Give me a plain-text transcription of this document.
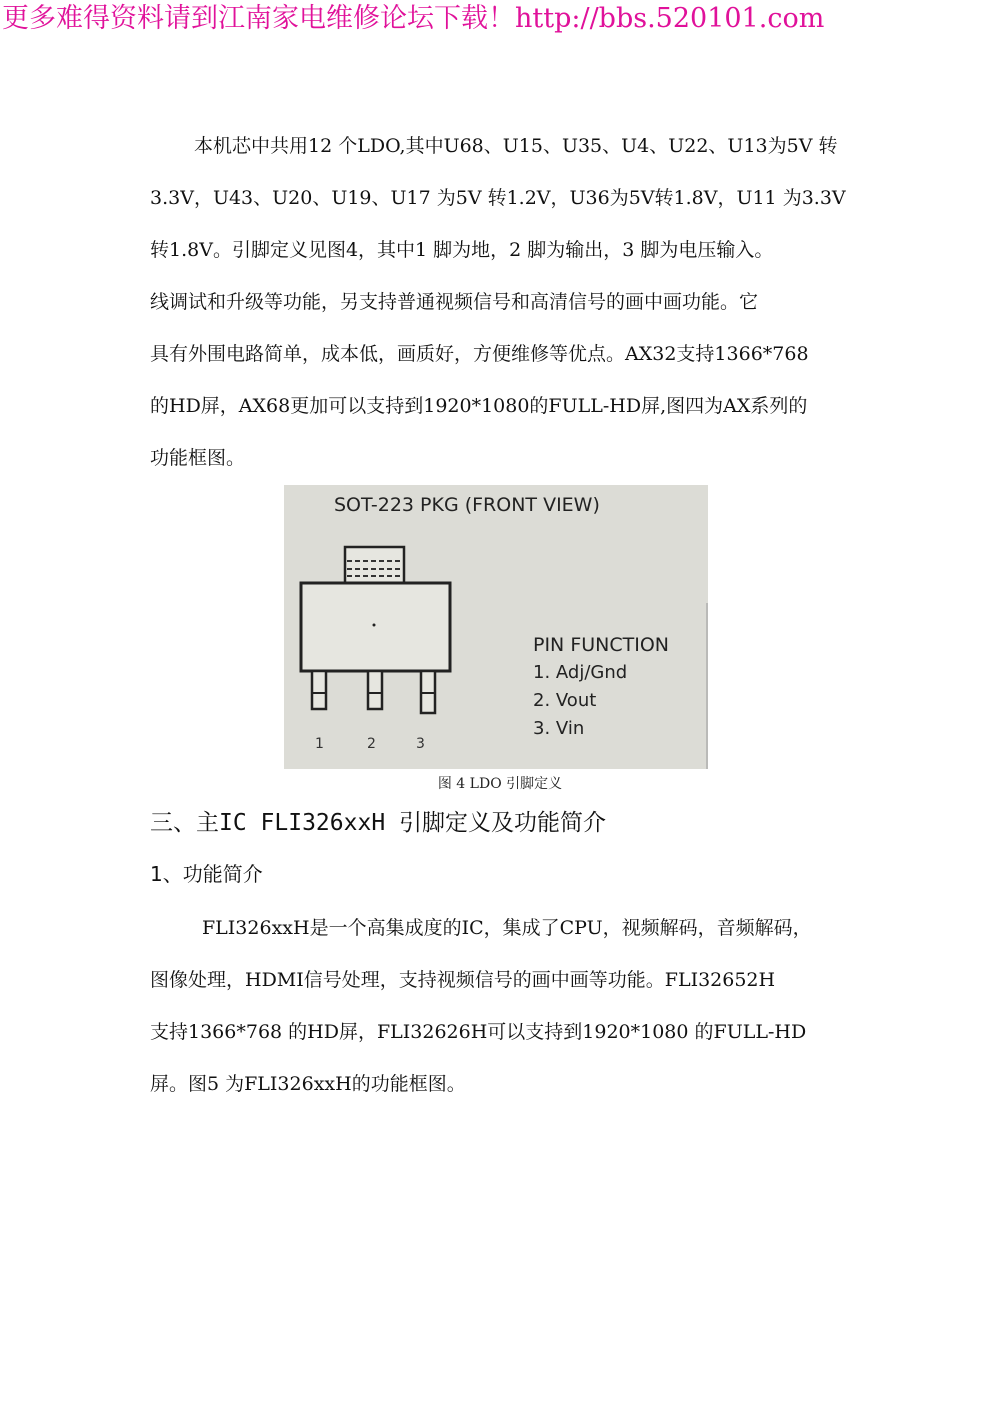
更多难得资料请到江南家电维修论坛下载！http://bbs.520101.com
本机芯中共用12 个LDO,其中U68、U15、U35、U4、U22、U13为5V 转
3.3V，U43、U20、U19、U17 为5V 转1.2V，U36为5V转1.8V，U11 为3.3V
转1.8V。引脚定义见图4，其中1 脚为地，2 脚为输出，3 脚为电压输入。
线调试和升级等功能，另支持普通视频信号和高清信号的画中画功能。它
具有外围电路简单，成本低，画质好，方便维修等优点。AX32支持1366*768
的HD屏，AX68更加可以支持到1920*1080的FULL-HD屏,图四为AX系列的
功能框图。
SOT-223 PKG (FRONT VIEW)
1	2	3
PIN FUNCTION
1. Adj/Gnd
2. Vout
3. Vin
图 4 LDO 引脚定义
三、主IC FLI326xxH 引脚定义及功能简介
1、功能简介
FLI326xxH是一个高集成度的IC，集成了CPU，视频解码，音频解码，
图像处理，HDMI信号处理，支持视频信号的画中画等功能。FLI32652H
支持1366*768 的HD屏，FLI32626H可以支持到1920*1080 的FULL-HD
屏。图5 为FLI326xxH的功能框图。
